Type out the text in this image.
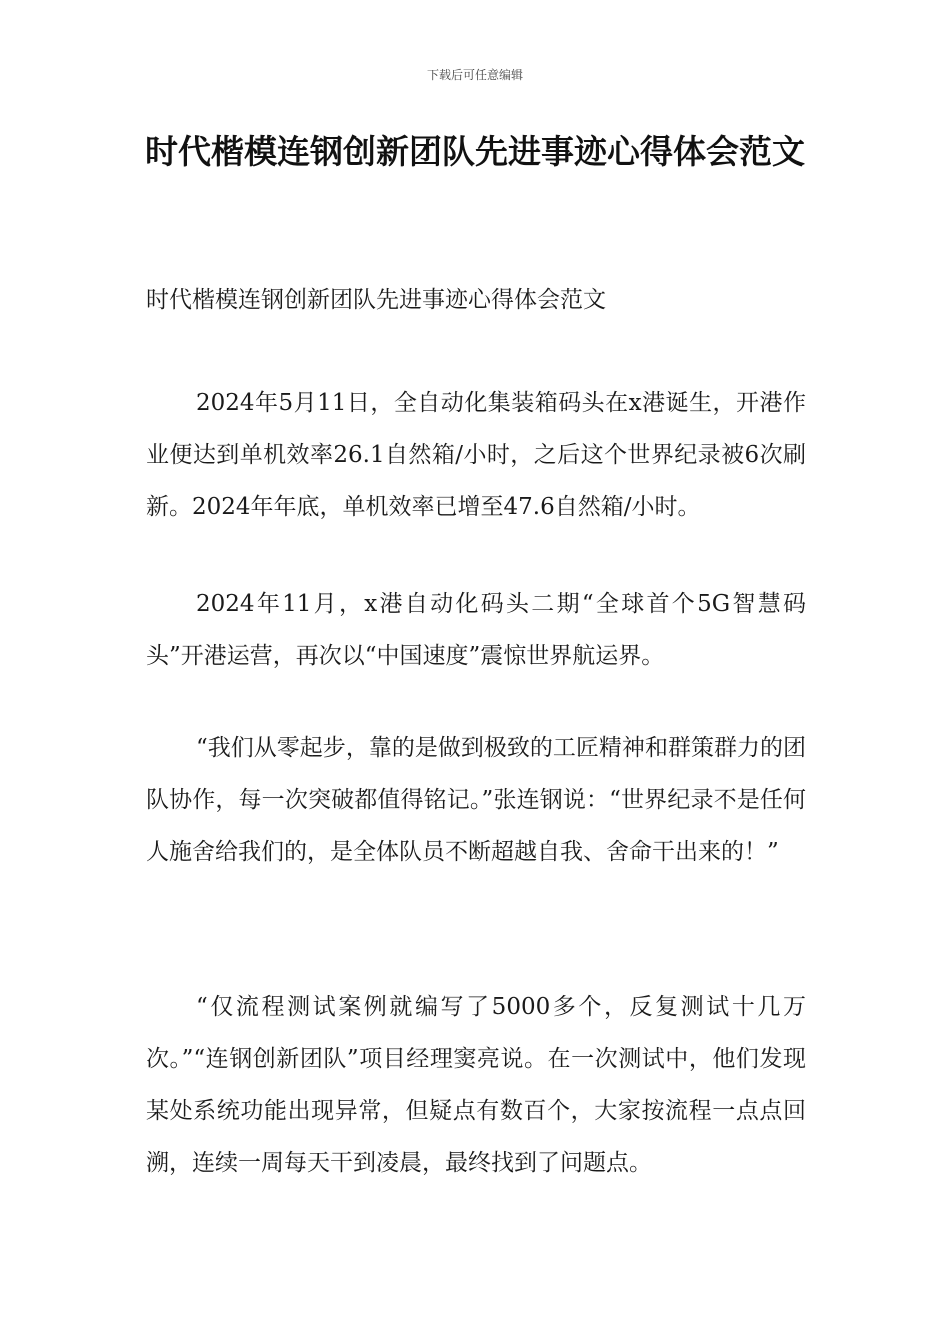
下载后可任意编辑
时代楷模连钢创新团队先进事迹心得体会范文
时代楷模连钢创新团队先进事迹心得体会范文

2024年5月11日，全自动化集装箱码头在x港诞生，开港作业便达到单机效率26.1自然箱/小时，之后这个世界纪录被6次刷新。2024年年底，单机效率已增至47.6自然箱/小时。

2024年11月，x港自动化码头二期“全球首个5G智慧码头”开港运营，再次以“中国速度”震惊世界航运界。

“我们从零起步，靠的是做到极致的工匠精神和群策群力的团队协作，每一次突破都值得铭记。”张连钢说：“世界纪录不是任何人施舍给我们的，是全体队员不断超越自我、舍命干出来的！”

“仅流程测试案例就编写了5000多个，反复测试十几万次。”“连钢创新团队”项目经理窦亮说。在一次测试中，他们发现某处系统功能出现异常，但疑点有数百个，大家按流程一点点回溯，连续一周每天干到凌晨，最终找到了问题点。
